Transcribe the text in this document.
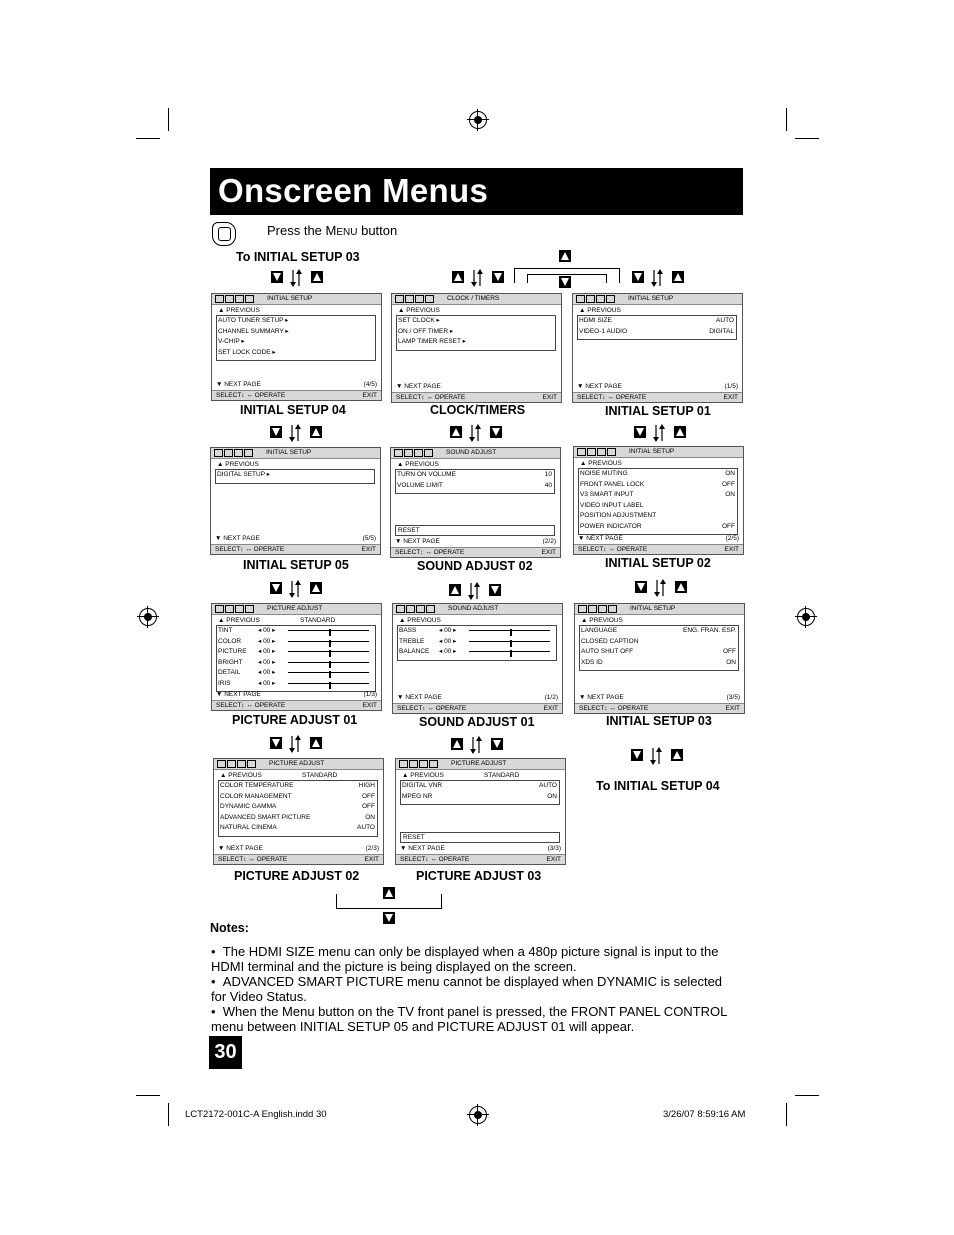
Onscreen Menus
Press the MENU button
To INITIAL SETUP 03
INITIAL SETUP 04	CLOCK/TIMERS	INITIAL SETUP 01
INITIAL SETUP 05	SOUND ADJUST 02	INITIAL SETUP 02
PICTURE ADJUST 01	SOUND ADJUST 01	INITIAL SETUP 03
To INITIAL SETUP 04
PICTURE ADJUST 02	PICTURE ADJUST 03
INITIAL SETUP
▲ PREVIOUS
AUTO TUNER SETUP ▸
CHANNEL SUMMARY ▸
V-CHIP ▸
SET LOCK CODE ▸
▼ NEXT PAGE	(4/5)
SELECT↕ ↔ OPERATE	EXIT
CLOCK / TIMERS
▲ PREVIOUS
SET CLOCK ▸
ON / OFF TIMER ▸
LAMP TIMER RESET ▸
▼ NEXT PAGE
SELECT↕ ↔ OPERATE	EXIT
INITIAL SETUP
▲ PREVIOUS
HDMI SIZE	AUTO
VIDEO-1 AUDIO	DIGITAL
▼ NEXT PAGE	(1/5)
SELECT↕ ↔ OPERATE	EXIT
INITIAL SETUP
▲ PREVIOUS
DIGITAL SETUP ▸
▼ NEXT PAGE	(5/5)
SELECT↕ ↔ OPERATE	EXIT
SOUND ADJUST
▲ PREVIOUS
TURN ON VOLUME	10
VOLUME LIMIT	40
RESET
▼ NEXT PAGE	(2/2)
SELECT↕ ↔ OPERATE	EXIT
INITIAL SETUP
▲ PREVIOUS
NOISE MUTING	ON
FRONT PANEL LOCK	OFF
V3 SMART INPUT	ON
VIDEO INPUT LABEL
POSITION ADJUSTMENT
POWER INDICATOR	OFF
▼ NEXT PAGE	(2/5)
SELECT↕ ↔ OPERATE	EXIT
PICTURE ADJUST
▲ PREVIOUS	STANDARD
TINT	◂ 00 ▸
COLOR	◂ 00 ▸
PICTURE ◂ 00 ▸
BRIGHT ◂ 00 ▸
DETAIL	◂ 00 ▸
IRIS	◂ 00 ▸
▼ NEXT PAGE	(1/3)
SELECT↕ ↔ OPERATE	EXIT
SOUND ADJUST
▲ PREVIOUS
BASS	◂ 00 ▸
TREBLE ◂ 00 ▸
BALANCE ◂ 00 ▸
▼ NEXT PAGE	(1/2)
SELECT↕ ↔ OPERATE	EXIT
INITIAL SETUP
▲ PREVIOUS
LANGUAGE	ENG. FRAN. ESP.
CLOSED CAPTION
AUTO SHUT OFF	OFF
XDS ID	ON
▼ NEXT PAGE	(3/5)
SELECT↕ ↔ OPERATE	EXIT
PICTURE ADJUST
▲ PREVIOUS	STANDARD
COLOR TEMPERATURE	HIGH
COLOR MANAGEMENT	OFF
DYNAMIC GAMMA	OFF
ADVANCED SMART PICTURE	ON
NATURAL CINEMA	AUTO
▼ NEXT PAGE	(2/3)
SELECT↕ ↔ OPERATE	EXIT
PICTURE ADJUST
▲ PREVIOUS	STANDARD
DIGITAL VNR	AUTO
MPEG NR	ON
RESET
▼ NEXT PAGE	(3/3)
SELECT↕ ↔ OPERATE	EXIT
Notes:
•  The HDMI SIZE menu can only be displayed when a 480p picture signal is input to the HDMI terminal and the picture is being displayed on the screen.
•  ADVANCED SMART PICTURE menu cannot be displayed when DYNAMIC is selected for Video Status.
•  When the Menu button on the TV front panel is pressed, the FRONT PANEL CONTROL menu between INITIAL SETUP 05 and PICTURE ADJUST 01 will appear.
30
LCT2172-001C-A English.indd 30	3/26/07 8:59:16 AM
